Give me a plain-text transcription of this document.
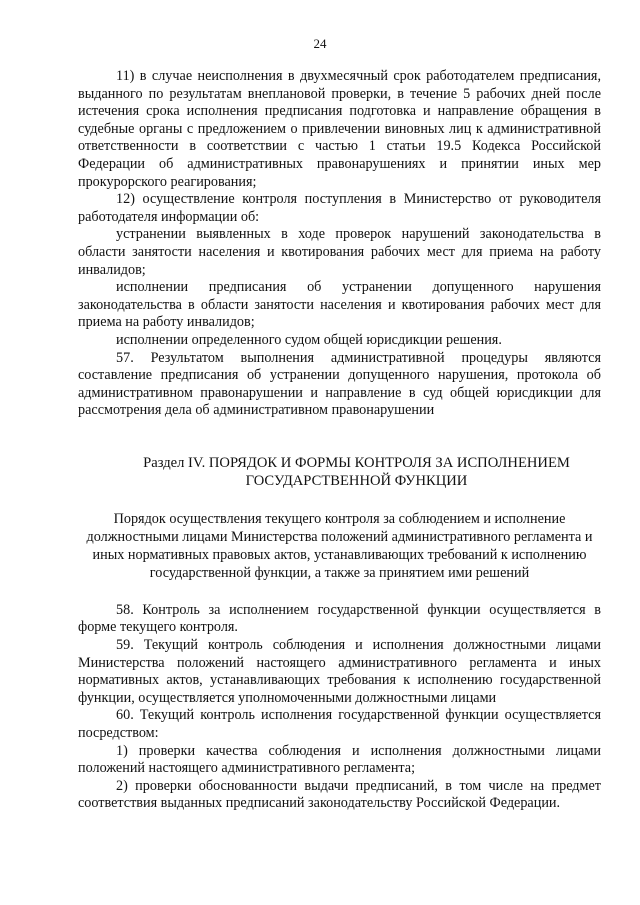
24

11) в случае неисполнения в двухмесячный срок работодателем предписания, выданного по результатам внеплановой проверки, в течение 5 рабочих дней после истечения срока исполнения предписания подготовка и направление обращения в судебные органы с предложением о привлечении виновных лиц к административной ответственности в соответствии с частью 1 статьи 19.5 Кодекса Российской Федерации об административных правонарушениях и принятии иных мер прокурорского реагирования;

12) осуществление контроля поступления в Министерство от руководителя работодателя информации об:

устранении выявленных в ходе проверок нарушений законодательства в области занятости населения и квотирования рабочих мест для приема на работу инвалидов;

исполнении предписания об устранении допущенного нарушения законодательства в области занятости населения и квотирования рабочих мест для приема на работу инвалидов;

исполнении определенного судом общей юрисдикции решения.

57. Результатом выполнения административной процедуры являются составление предписания об устранении допущенного нарушения, протокола об административном правонарушении и направление в суд общей юрисдикции для рассмотрения дела об административном правонарушении

Раздел IV. ПОРЯДОК И ФОРМЫ КОНТРОЛЯ ЗА ИСПОЛНЕНИЕМ
ГОСУДАРСТВЕННОЙ ФУНКЦИИ

Порядок осуществления текущего контроля за соблюдением и исполнение должностными лицами Министерства положений административного регламента и иных нормативных правовых актов, устанавливающих требований к исполнению государственной функции, а также за принятием ими решений

58. Контроль за исполнением государственной функции осуществляется в форме текущего контроля.

59. Текущий контроль соблюдения и исполнения должностными лицами Министерства положений настоящего административного регламента и иных нормативных актов, устанавливающих требования к исполнению государственной функции, осуществляется уполномоченными должностными лицами

60. Текущий контроль исполнения государственной функции осуществляется посредством:

1) проверки качества соблюдения и исполнения должностными лицами положений настоящего административного регламента;

2) проверки обоснованности выдачи предписаний, в том числе на предмет соответствия выданных предписаний законодательству Российской Федерации.
